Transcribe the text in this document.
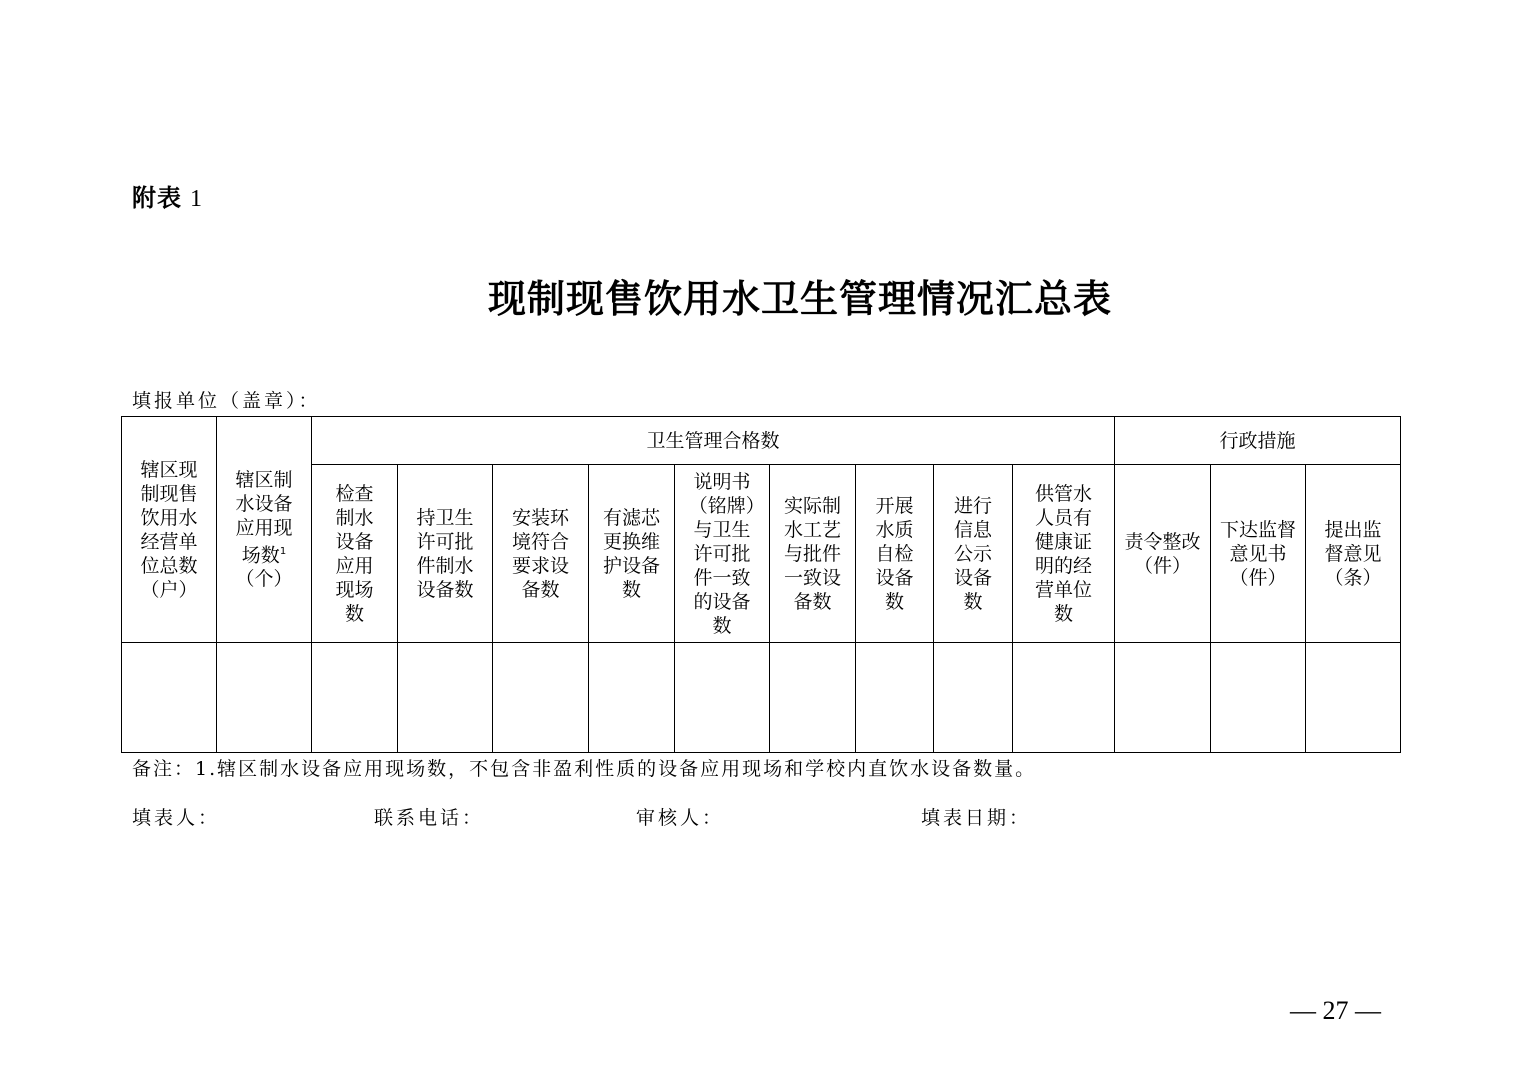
附表 1
现制现售饮用水卫生管理情况汇总表
填报单位（盖章）：
辖区现制现售饮用水经营单位总数（户）	辖区制水设备应用现场数$^1$（个）	卫生管理合格数									行政措施		
		检查制水设备应用现场数	持卫生许可批件制水设备数	安装环境符合要求设备数	有滤芯更换维护设备数	说明书（铭牌）与卫生许可批件一致的设备数	实际制水工艺与批件一致设备数	开展水质自检设备数	进行信息公示设备数	供管水人员有健康证明的经营单位数	责令整改（件）	下达监督意见书（件）	提出监督意见（条）

备注：1.辖区制水设备应用现场数，不包含非盈利性质的设备应用现场和学校内直饮水设备数量。
填表人：	联系电话：	审核人：	填表日期：
— 27 —
